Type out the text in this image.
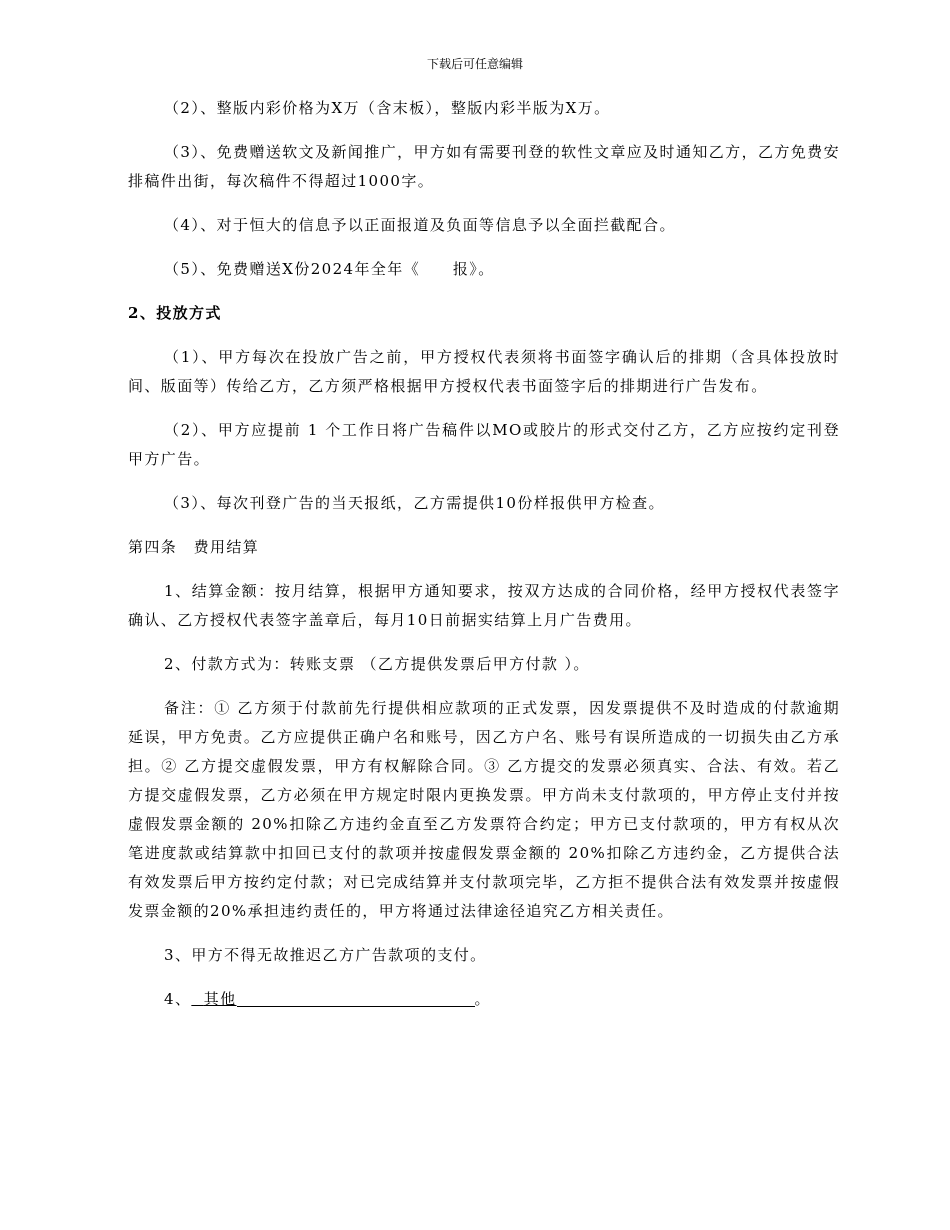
下载后可任意编辑

（2）、整版内彩价格为X万（含末板），整版内彩半版为X万。

（3）、免费赠送软文及新闻推广，甲方如有需要刊登的软性文章应及时通知乙方，乙方免费安排稿件出街，每次稿件不得超过1000字。

（4）、对于恒大的信息予以正面报道及负面等信息予以全面拦截配合。

（5）、免费赠送X份2024年全年《　　报》。

2、投放方式

（1）、甲方每次在投放广告之前，甲方授权代表须将书面签字确认后的排期（含具体投放时间、版面等）传给乙方，乙方须严格根据甲方授权代表书面签字后的排期进行广告发布。

（2）、甲方应提前 1 个工作日将广告稿件以MO或胶片的形式交付乙方，乙方应按约定刊登甲方广告。

（3）、每次刊登广告的当天报纸，乙方需提供10份样报供甲方检查。

第四条　费用结算

1、结算金额：按月结算，根据甲方通知要求，按双方达成的合同价格，经甲方授权代表签字确认、乙方授权代表签字盖章后，每月10日前据实结算上月广告费用。

2、付款方式为：转账支票 （乙方提供发票后甲方付款 ）。

备注：① 乙方须于付款前先行提供相应款项的正式发票，因发票提供不及时造成的付款逾期延误，甲方免责。乙方应提供正确户名和账号，因乙方户名、账号有误所造成的一切损失由乙方承担。② 乙方提交虚假发票，甲方有权解除合同。③ 乙方提交的发票必须真实、合法、有效。若乙方提交虚假发票，乙方必须在甲方规定时限内更换发票。甲方尚未支付款项的，甲方停止支付并按虚假发票金额的 20%扣除乙方违约金直至乙方发票符合约定；甲方已支付款项的，甲方有权从次笔进度款或结算款中扣回已支付的款项并按虚假发票金额的 20%扣除乙方违约金，乙方提供合法有效发票后甲方按约定付款；对已完成结算并支付款项完毕，乙方拒不提供合法有效发票并按虚假发票金额的20%承担违约责任的，甲方将通过法律途径追究乙方相关责任。

3、甲方不得无故推迟乙方广告款项的支付。

4、 其他	。
